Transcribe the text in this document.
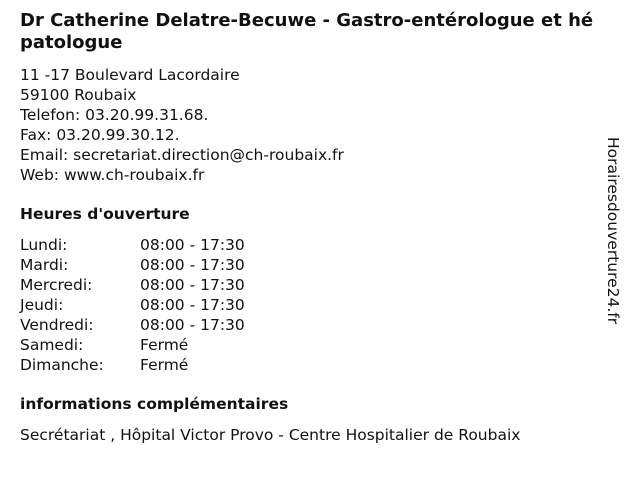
Dr Catherine Delatre-Becuwe - Gastro-entérologue et hépatologue
11 -17 Boulevard Lacordaire
59100 Roubaix
Telefon: 03.20.99.31.68.
Fax: 03.20.99.30.12.
Email: secretariat.direction@ch-roubaix.fr
Web: www.ch-roubaix.fr
Heures d'ouverture
Lundi:	08:00 - 17:30
Mardi:	08:00 - 17:30
Mercredi:	08:00 - 17:30
Jeudi:	08:00 - 17:30
Vendredi:	08:00 - 17:30
Samedi:	Fermé
Dimanche:	Fermé
informations complémentaires
Secrétariat , Hôpital Victor Provo - Centre Hospitalier de Roubaix
Horairesdouverture24.fr
